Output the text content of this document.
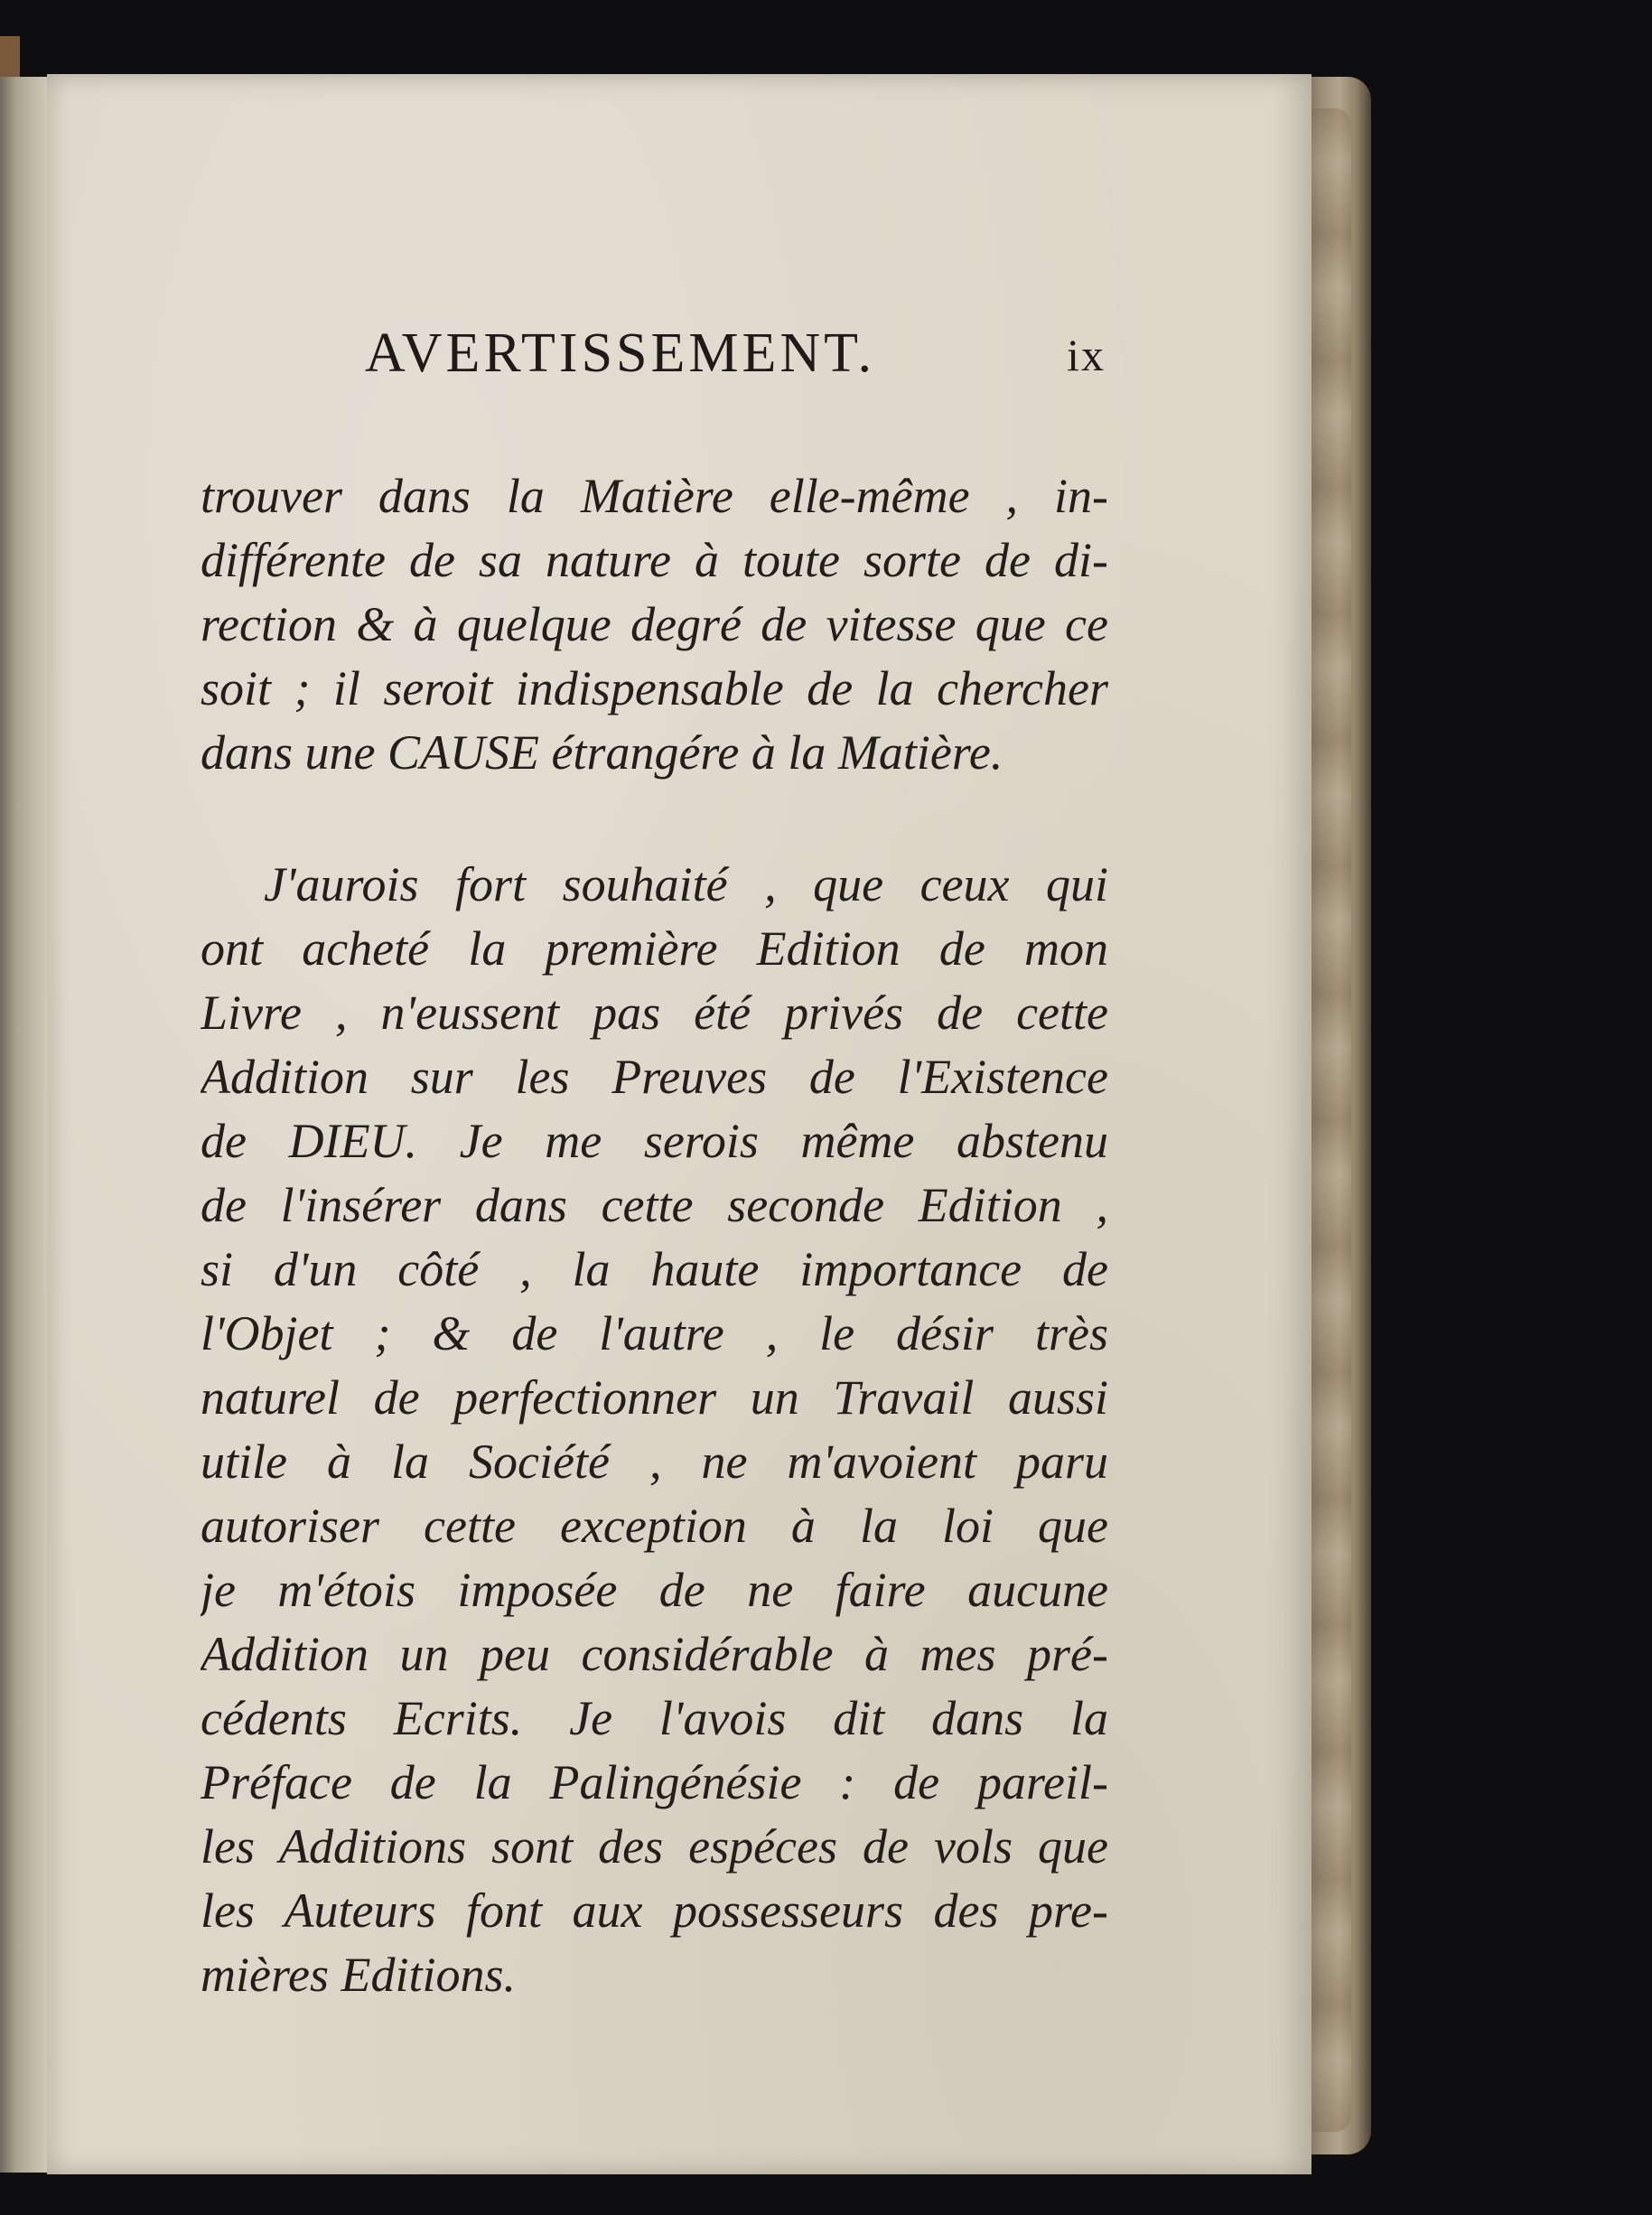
AVERTISSEMENT.	ix
trouver dans la Matière elle-même , in-
différente de sa nature à toute sorte de di-
rection & à quelque degré de vitesse que ce
soit ; il seroit indispensable de la chercher
dans une CAUSE étrangére à la Matière.
J'aurois fort souhaité , que ceux qui
ont acheté la première Edition de mon
Livre , n'eussent pas été privés de cette
Addition sur les Preuves de l'Existence
de DIEU. Je me serois même abstenu
de l'insérer dans cette seconde Edition ,
si d'un côté , la haute importance de
l'Objet ; & de l'autre , le désir très
naturel de perfectionner un Travail aussi
utile à la Société , ne m'avoient paru
autoriser cette exception à la loi que
je m'étois imposée de ne faire aucune
Addition un peu considérable à mes pré-
cédents Ecrits. Je l'avois dit dans la
Préface de la Palingénésie : de pareil-
les Additions sont des espéces de vols que
les Auteurs font aux possesseurs des pre-
mières Editions.
